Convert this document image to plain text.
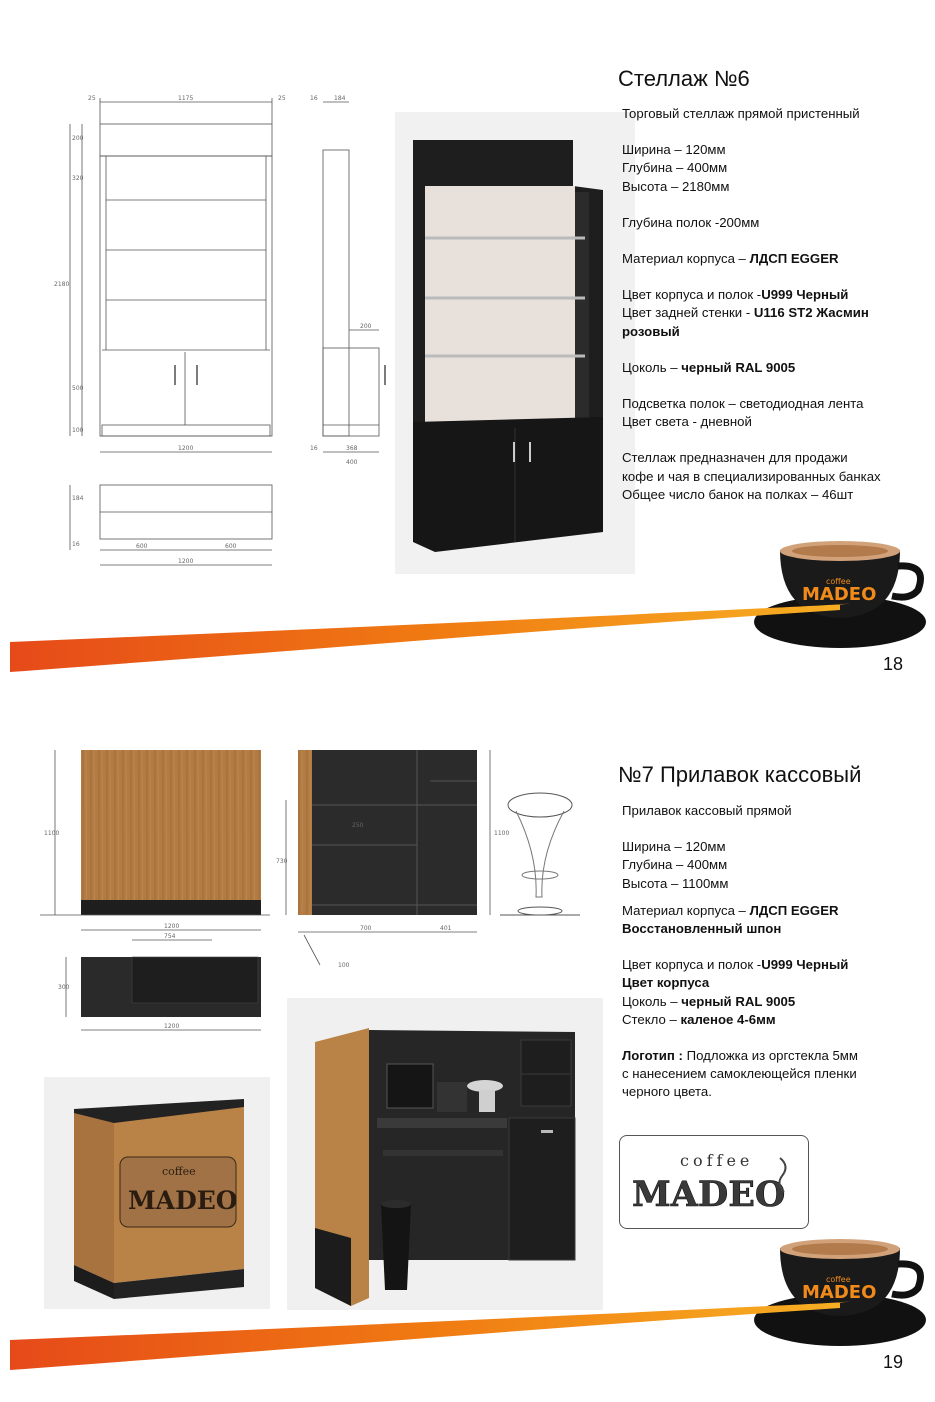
25	1175	25	16	184
2180
200
320
500
100
1200	16	368
400
200
600	600
1200
184
16
Стеллаж №6

Торговый стеллаж прямой пристенный

Ширина – 120мм

Глубина – 400мм

Высота – 2180мм

Глубина полок -200мм

Материал корпуса – ЛДСП EGGER

Цвет корпуса и полок -U999 Черный

Цвет задней стенки - U116 ST2 Жасмин

розовый

Цоколь – черный RAL 9005

Подсветка полок – светодиодная лента

Цвет света - дневной

Стеллаж предназначен для продажи

кофе и чая в специализированных банках

Общее число банок на полках – 46шт

coffee
MADEO
18
1100
1200
754
300
1200
730
250
700	401
100
1100
coffee
MADEO
№7 Прилавок кассовый

Прилавок кассовый прямой

Ширина – 120мм

Глубина – 400мм

Высота – 1100мм

Материал корпуса – ЛДСП EGGER

Восстановленный шпон

Цвет корпуса и полок -U999 Черный

Цвет корпуса

Цоколь – черный RAL 9005

Стекло – каленое 4-6мм

Логотип : Подложка из оргстекла 5мм

с нанесением самоклеющейся пленки

черного цвета.

coffee
MADEO
coffee
MADEO
19
